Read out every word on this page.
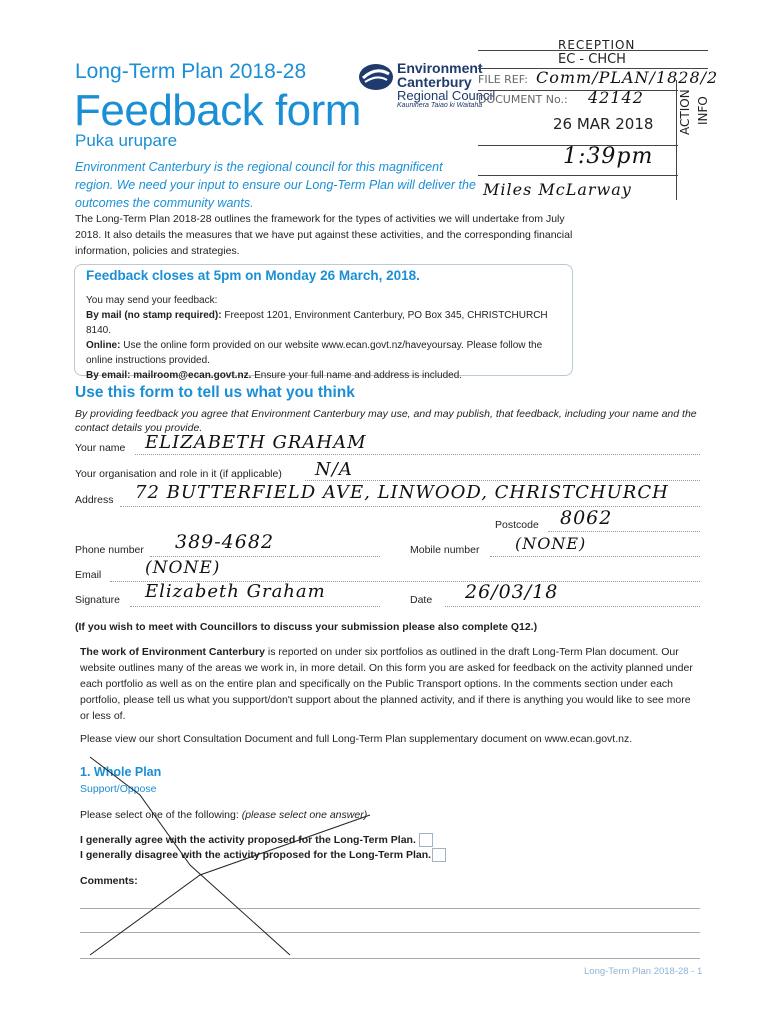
Long-Term Plan 2018-28
Feedback form
Puka urupare
Environment Canterbury is the regional council for this magnificent region. We need your input to ensure our Long-Term Plan will deliver the outcomes the community wants.
Environment
Canterbury
Regional Council
Kaunihera Taiao ki Waitaha
RECEPTION
EC - CHCH
FILE REF: Comm/PLAN/1828/2
DOCUMENT No.: 42142
26 MAR 2018
1:39pm
Miles McLarway
ACTION INFO
The Long-Term Plan 2018-28 outlines the framework for the types of activities we will undertake from July 2018. It also details the measures that we have put against these activities, and the corresponding financial information, policies and strategies.
Feedback closes at 5pm on Monday 26 March, 2018.
You may send your feedback:
By mail (no stamp required): Freepost 1201, Environment Canterbury, PO Box 345, CHRISTCHURCH 8140.
Online: Use the online form provided on our website www.ecan.govt.nz/haveyoursay. Please follow the online instructions provided.
By email: mailroom@ecan.govt.nz. Ensure your full name and address is included.
Use this form to tell us what you think
By providing feedback you agree that Environment Canterbury may use, and may publish, that feedback, including your name and the contact details you provide.
Your name ELIZABETH GRAHAM
Your organisation and role in it (if applicable) N/A
Address 72 BUTTERFIELD AVE, LINWOOD, CHRISTCHURCH
Postcode 8062
Phone number 389-4682	Mobile number (NONE)
Email	(NONE)
Signature Elizabeth Graham	Date 26/03/18
(If you wish to meet with Councillors to discuss your submission please also complete Q12.)
The work of Environment Canterbury is reported on under six portfolios as outlined in the draft Long-Term Plan document. Our website outlines many of the areas we work in, in more detail. On this form you are asked for feedback on the activity planned under each portfolio as well as on the entire plan and specifically on the Public Transport options. In the comments section under each portfolio, please tell us what you support/don't support about the planned activity, and if there is anything you would like to see more or less of.
Please view our short Consultation Document and full Long-Term Plan supplementary document on www.ecan.govt.nz.
1. Whole Plan
Support/Oppose
Please select one of the following: (please select one answer)
I generally agree with the activity proposed for the Long-Term Plan.
I generally disagree with the activity proposed for the Long-Term Plan.
Comments:
Long-Term Plan 2018-28 - 1
